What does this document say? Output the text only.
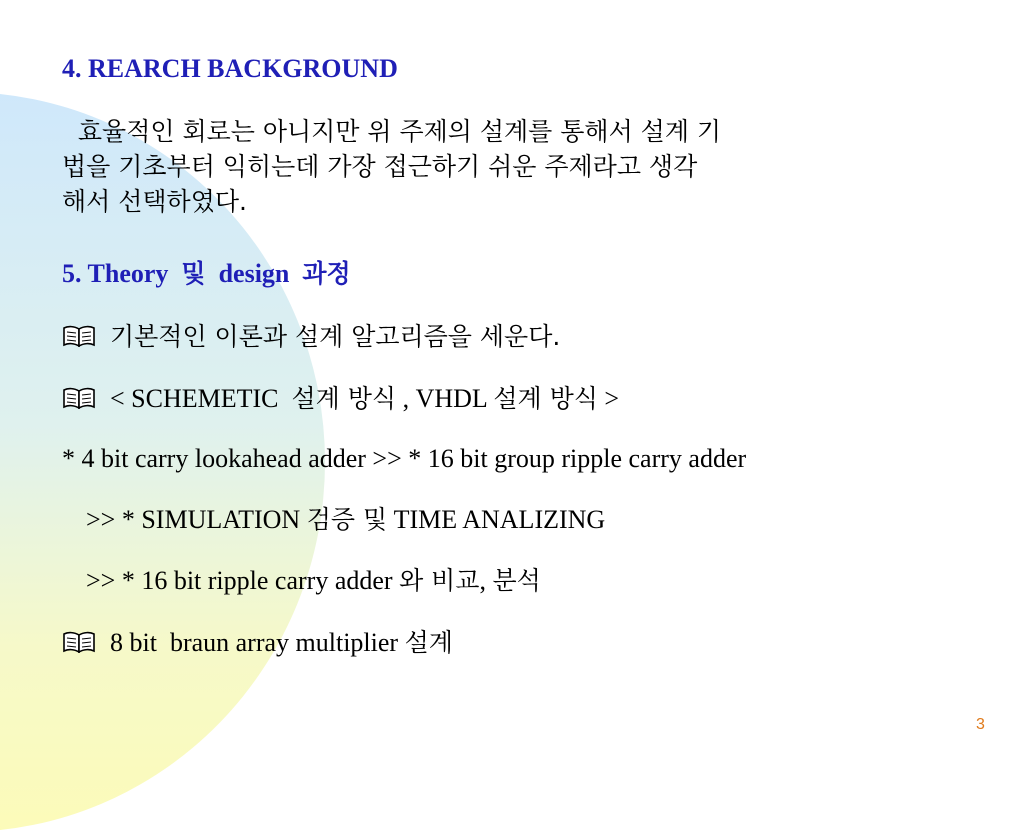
4. REARCH BACKGROUND
효율적인 회로는 아니지만 위 주제의 설계를 통해서 설계 기
법을 기초부터 익히는데 가장 접근하기 쉬운 주제라고 생각
해서 선택하였다.
5. Theory 및 design 과정
기본적인 이론과 설계 알고리즘을 세운다.
< SCHEMETIC  설계 방식 , VHDL 설계 방식 >
* 4 bit carry lookahead adder >> * 16 bit group ripple carry adder
>> * SIMULATION 검증 및 TIME ANALIZING
>> * 16 bit ripple carry adder 와 비교, 분석
8 bit  braun array multiplier 설계
3
